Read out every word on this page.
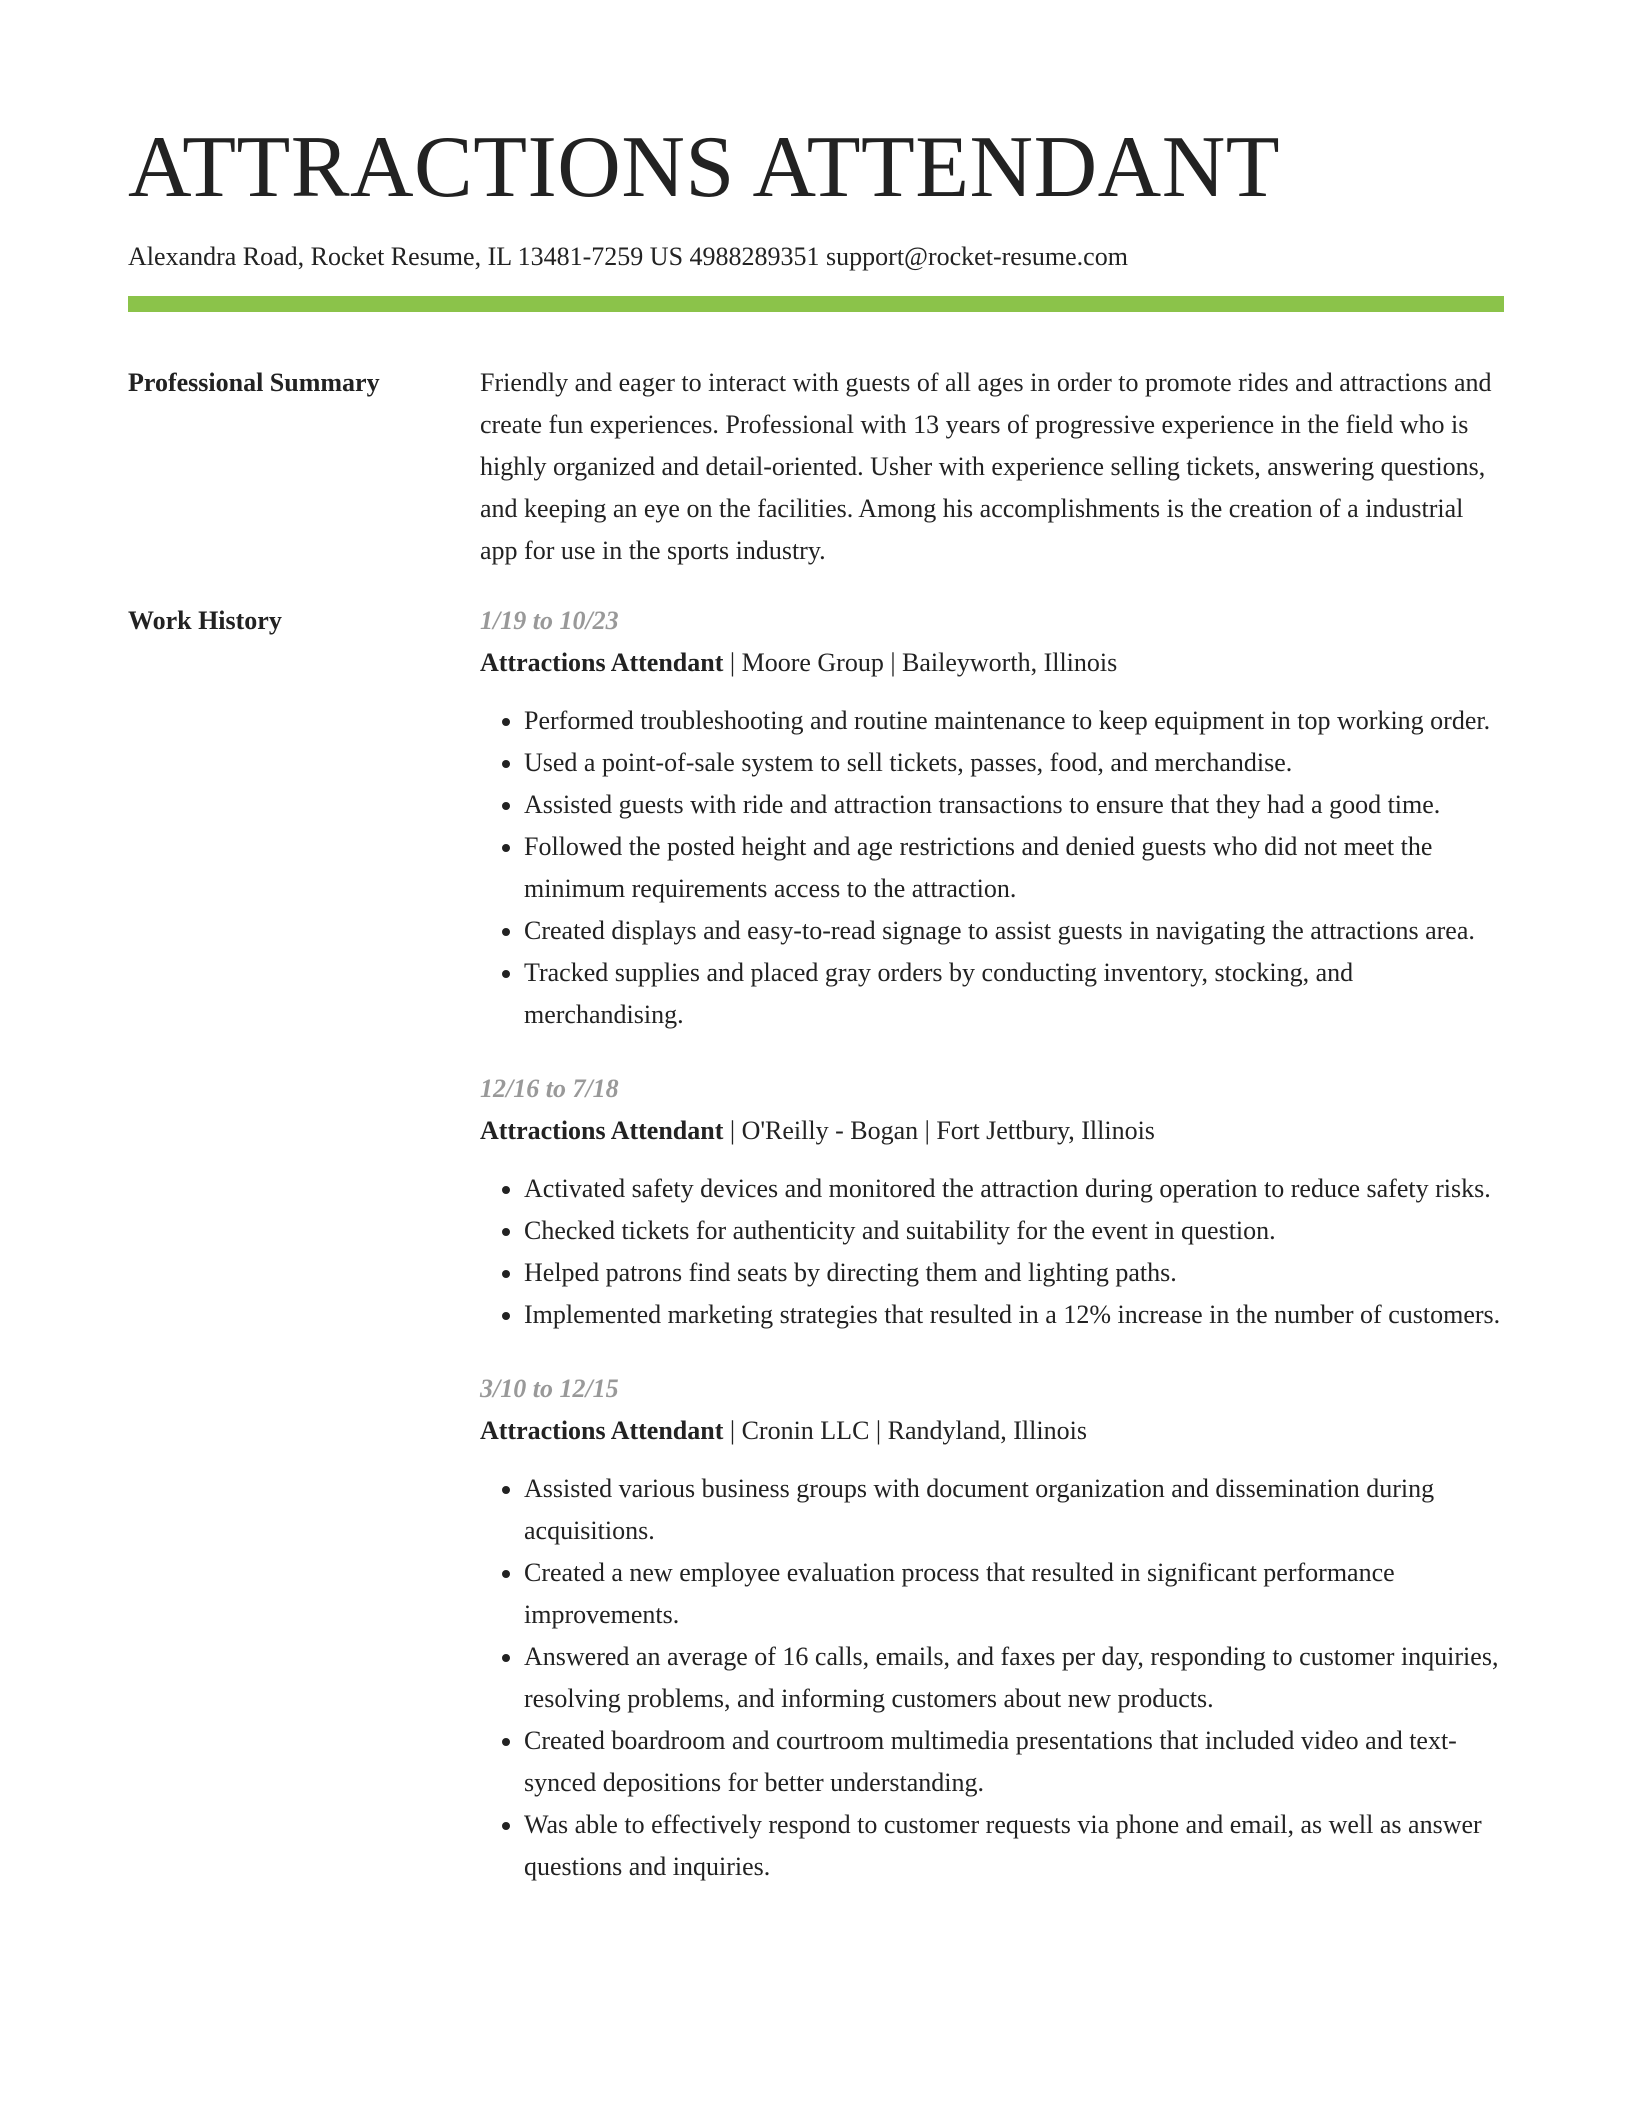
ATTRACTIONS ATTENDANT
Alexandra Road, Rocket Resume, IL 13481-7259 US 4988289351 support@rocket-resume.com
Professional Summary	Friendly and eager to interact with guests of all ages in order to promote rides and attractions and create fun experiences. Professional with 13 years of progressive experience in the field who is highly organized and detail-oriented. Usher with experience selling tickets, answering questions, and keeping an eye on the facilities. Among his accomplishments is the creation of a industrial app for use in the sports industry.

Work History	1/19 to 10/23
Attractions Attendant | Moore Group | Baileyworth, Illinois
• Performed troubleshooting and routine maintenance to keep equipment in top working order.
• Used a point-of-sale system to sell tickets, passes, food, and merchandise.
• Assisted guests with ride and attraction transactions to ensure that they had a good time.
• Followed the posted height and age restrictions and denied guests who did not meet the minimum requirements access to the attraction.
• Created displays and easy-to-read signage to assist guests in navigating the attractions area.
• Tracked supplies and placed gray orders by conducting inventory, stocking, and merchandising.
12/16 to 7/18
Attractions Attendant | O'Reilly - Bogan | Fort Jettbury, Illinois
• Activated safety devices and monitored the attraction during operation to reduce safety risks.
• Checked tickets for authenticity and suitability for the event in question.
• Helped patrons find seats by directing them and lighting paths.
• Implemented marketing strategies that resulted in a 12% increase in the number of customers.
3/10 to 12/15
Attractions Attendant | Cronin LLC | Randyland, Illinois
• Assisted various business groups with document organization and dissemination during acquisitions.
• Created a new employee evaluation process that resulted in significant performance improvements.
• Answered an average of 16 calls, emails, and faxes per day, responding to customer inquiries, resolving problems, and informing customers about new products.
• Created boardroom and courtroom multimedia presentations that included video and text-synced depositions for better understanding.
• Was able to effectively respond to customer requests via phone and email, as well as answer questions and inquiries.
